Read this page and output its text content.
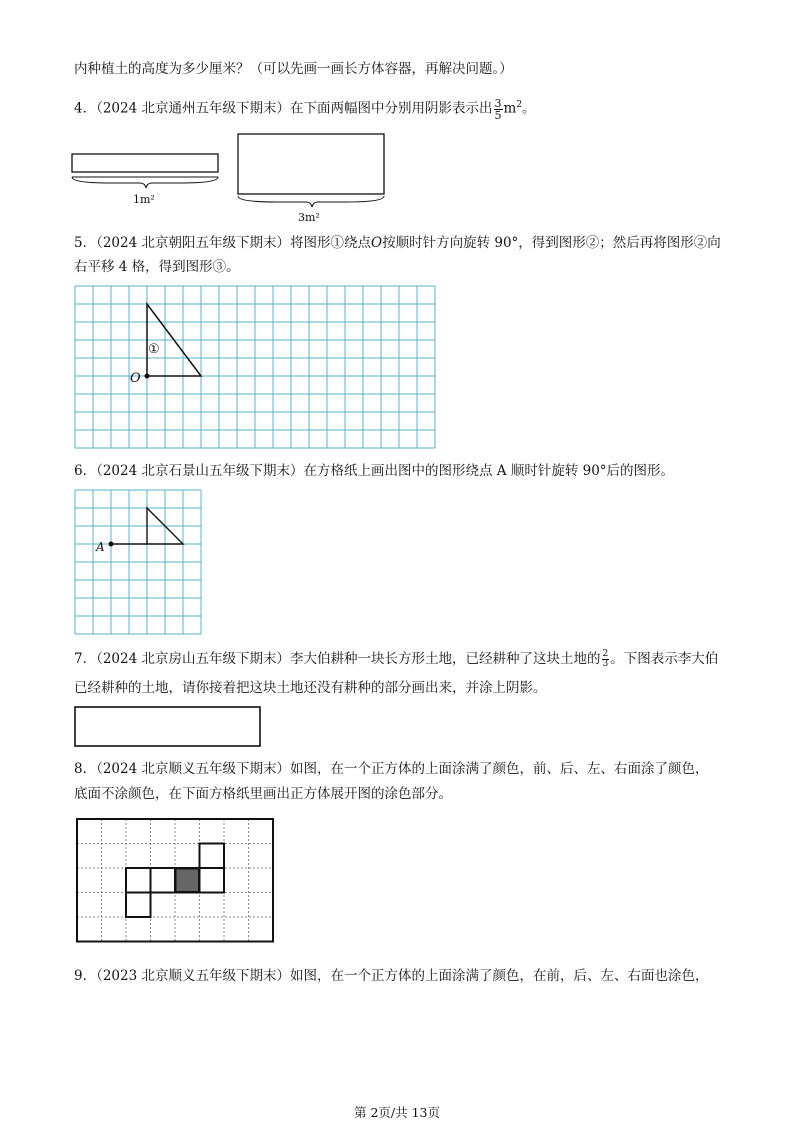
内种植土的高度为多少厘米？（可以先画一画长方体容器，再解决问题。）
4．（2024 北京通州五年级下期末）在下面两幅图中分别用阴影表示出 $\frac{3}{5} m^2$。
1m²
3m²
5．（2024 北京朝阳五年级下期末）将图形①绕点O按顺时针方向旋转 90°，得到图形②；然后再将图形②向
右平移 4 格，得到图形③。
O
①
6．（2024 北京石景山五年级下期末）在方格纸上画出图中的图形绕点 A 顺时针旋转 90°后的图形。
A
7．（2024 北京房山五年级下期末）李大伯耕种一块长方形土地，已经耕种了这块土地的 $\frac{2}{3}$ 。下图表示李大伯
已经耕种的土地，请你接着把这块土地还没有耕种的部分画出来，并涂上阴影。
8．（2024 北京顺义五年级下期末）如图，在一个正方体的上面涂满了颜色，前、后、左、右面涂了颜色，
底面不涂颜色，在下面方格纸里画出正方体展开图的涂色部分。
9．（2023 北京顺义五年级下期末）如图，在一个正方体的上面涂满了颜色，在前，后、左、右面也涂色，
第 2页/共 13页
